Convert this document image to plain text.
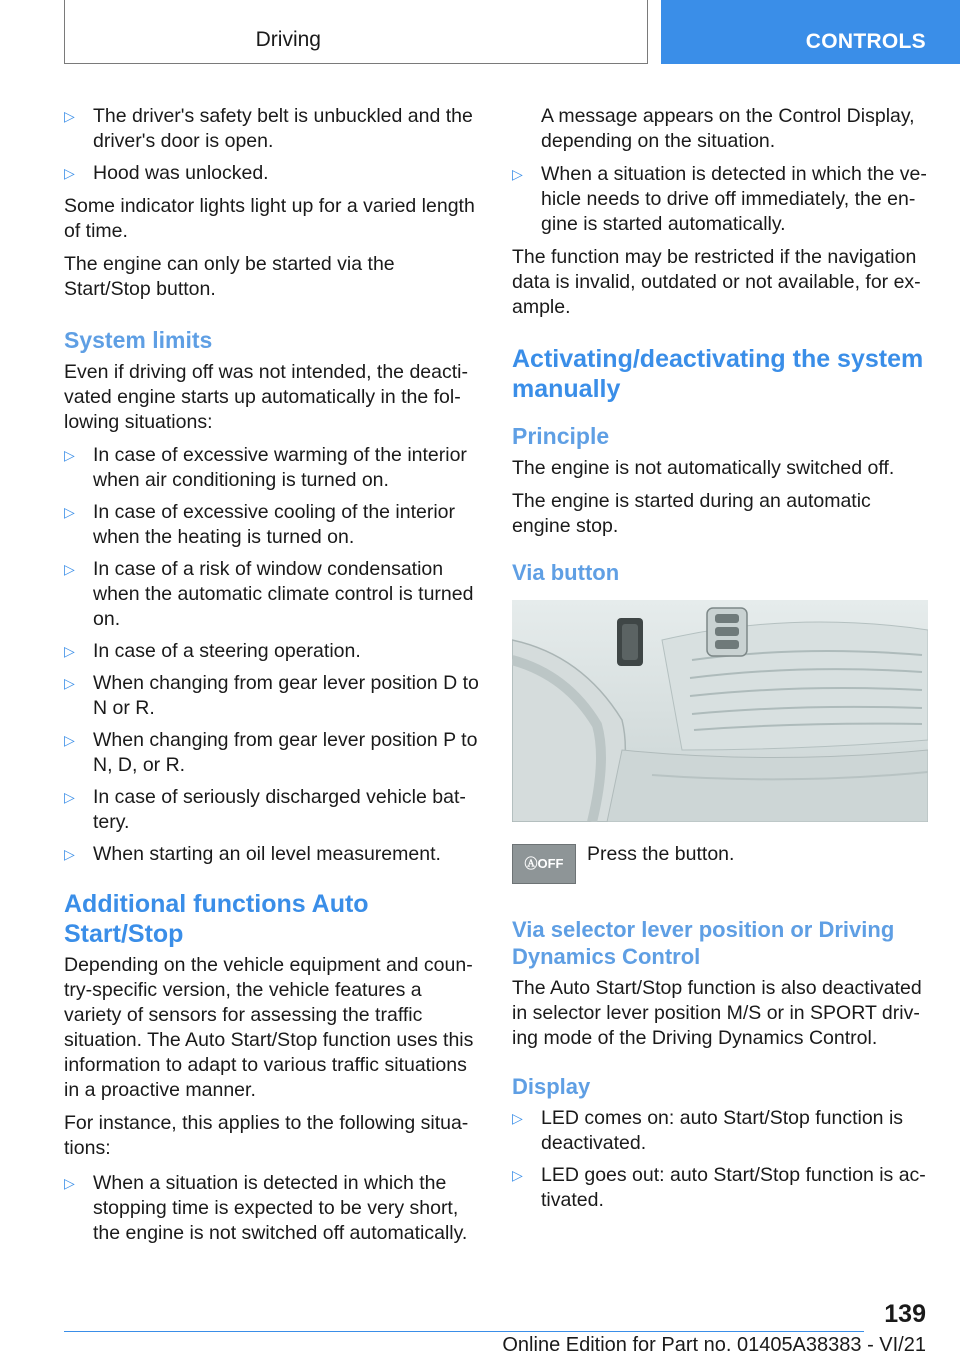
Driving	CONTROLS
▷ The driver's safety belt is unbuckled and the driver's door is open.
▷ Hood was unlocked.

Some indicator lights light up for a varied length of time.

The engine can only be started via the Start/Stop button.

System limits

Even if driving off was not intended, the deacti-vated engine starts up automatically in the fol-lowing situations:

▷ In case of excessive warming of the interior when air conditioning is turned on.
▷ In case of excessive cooling of the interior when the heating is turned on.
▷ In case of a risk of window condensation when the automatic climate control is turned on.
▷ In case of a steering operation.
▷ When changing from gear lever position D to N or R.
▷ When changing from gear lever position P to N, D, or R.
▷ In case of seriously discharged vehicle bat-tery.
▷ When starting an oil level measurement.
Additional functions Auto Start/Stop

Depending on the vehicle equipment and coun-try-specific version, the vehicle features a variety of sensors for assessing the traffic situation. The Auto Start/Stop function uses this information to adapt to various traffic situations in a proactive manner.

For instance, this applies to the following situa-tions:

▷ When a situation is detected in which the stopping time is expected to be very short, the engine is not switched off automatically.

A message appears on the Control Display, depending on the situation.

▷ When a situation is detected in which the ve-hicle needs to drive off immediately, the en-gine is started automatically.

The function may be restricted if the navigation data is invalid, outdated or not available, for ex-ample.

Activating/deactivating the system manually
Principle

The engine is not automatically switched off.

The engine is started during an automatic engine stop.

Via button
ⒶOFF	Press the button.
Via selector lever position or Driving Dynamics Control

The Auto Start/Stop function is also deactivated in selector lever position M/S or in SPORT driv-ing mode of the Driving Dynamics Control.

Display
▷ LED comes on: auto Start/Stop function is deactivated.
▷ LED goes out: auto Start/Stop function is ac-tivated.
139
Online Edition for Part no. 01405A38383 - VI/21
